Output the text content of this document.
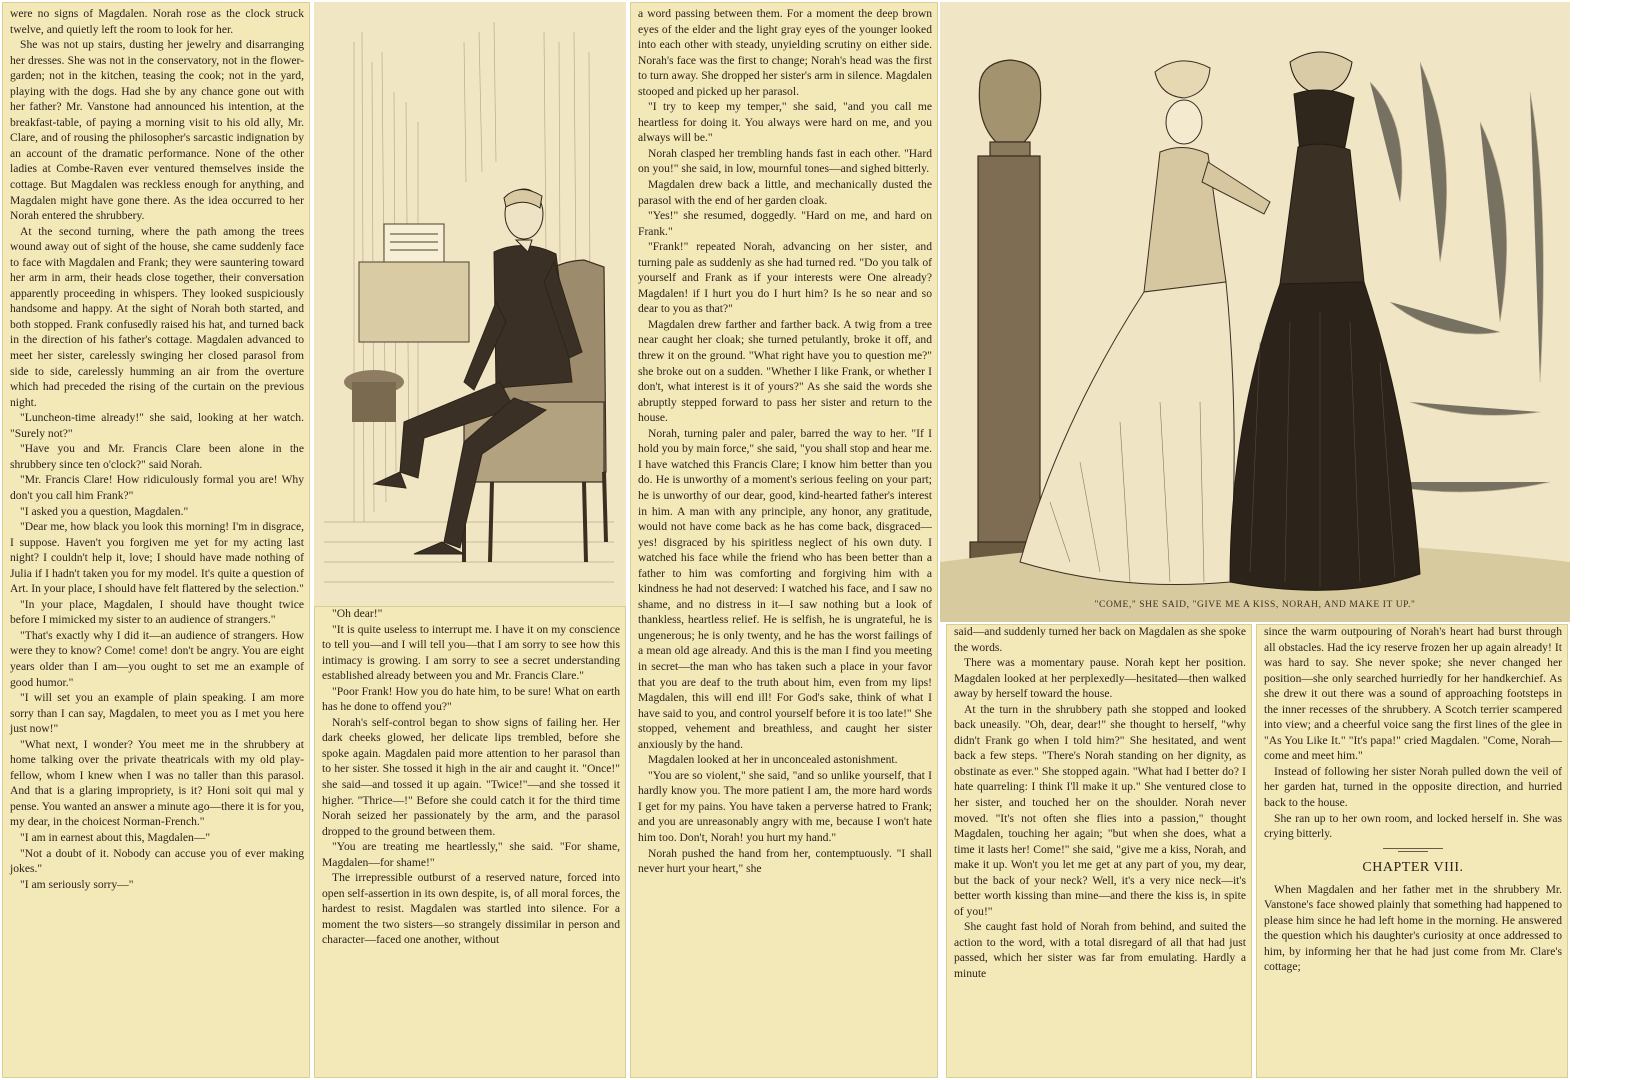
were no signs of Magdalen. Norah rose as the clock struck twelve, and quietly left the room to look for her.

She was not up stairs, dusting her jewelry and disarranging her dresses. She was not in the conservatory, not in the flower-garden; not in the kitchen, teasing the cook; not in the yard, playing with the dogs. Had she by any chance gone out with her father? Mr. Vanstone had announced his intention, at the breakfast-table, of paying a morning visit to his old ally, Mr. Clare, and of rousing the philosopher's sarcastic indignation by an account of the dramatic performance. None of the other ladies at Combe-Raven ever ventured themselves inside the cottage. But Magdalen was reckless enough for anything, and Magdalen might have gone there. As the idea occurred to her Norah entered the shrubbery.

At the second turning, where the path among the trees wound away out of sight of the house, she came suddenly face to face with Magdalen and Frank; they were sauntering toward her arm in arm, their heads close together, their conversation apparently proceeding in whispers. They looked suspiciously handsome and happy. At the sight of Norah both started, and both stopped. Frank confusedly raised his hat, and turned back in the direction of his father's cottage. Magdalen advanced to meet her sister, carelessly swinging her closed parasol from side to side, carelessly humming an air from the overture which had preceded the rising of the curtain on the previous night.

"Luncheon-time already!" she said, looking at her watch. "Surely not?"

"Have you and Mr. Francis Clare been alone in the shrubbery since ten o'clock?" said Norah.

"Mr. Francis Clare! How ridiculously formal you are! Why don't you call him Frank?"

"I asked you a question, Magdalen."

"Dear me, how black you look this morning! I'm in disgrace, I suppose. Haven't you forgiven me yet for my acting last night? I couldn't help it, love; I should have made nothing of Julia if I hadn't taken you for my model. It's quite a question of Art. In your place, I should have felt flattered by the selection."

"In your place, Magdalen, I should have thought twice before I mimicked my sister to an audience of strangers."

"That's exactly why I did it—an audience of strangers. How were they to know? Come! come! don't be angry. You are eight years older than I am—you ought to set me an example of good humor."

"I will set you an example of plain speaking. I am more sorry than I can say, Magdalen, to meet you as I met you here just now!"

"What next, I wonder? You meet me in the shrubbery at home talking over the private theatricals with my old play-fellow, whom I knew when I was no taller than this parasol. And that is a glaring impropriety, is it? Honi soit qui mal y pense. You wanted an answer a minute ago—there it is for you, my dear, in the choicest Norman-French."

"I am in earnest about this, Magdalen—"

"Not a doubt of it. Nobody can accuse you of ever making jokes."

"I am seriously sorry—"

"Oh dear!"

"It is quite useless to interrupt me. I have it on my conscience to tell you—and I will tell you—that I am sorry to see how this intimacy is growing. I am sorry to see a secret understanding established already between you and Mr. Francis Clare."

"Poor Frank! How you do hate him, to be sure! What on earth has he done to offend you?"

Norah's self-control began to show signs of failing her. Her dark cheeks glowed, her delicate lips trembled, before she spoke again. Magdalen paid more attention to her parasol than to her sister. She tossed it high in the air and caught it. "Once!" she said—and tossed it up again. "Twice!"—and she tossed it higher. "Thrice—!" Before she could catch it for the third time Norah seized her passionately by the arm, and the parasol dropped to the ground between them.

"You are treating me heartlessly," she said. "For shame, Magdalen—for shame!"

The irrepressible outburst of a reserved nature, forced into open self-assertion in its own despite, is, of all moral forces, the hardest to resist. Magdalen was startled into silence. For a moment the two sisters—so strangely dissimilar in person and character—faced one another, without

a word passing between them. For a moment the deep brown eyes of the elder and the light gray eyes of the younger looked into each other with steady, unyielding scrutiny on either side. Norah's face was the first to change; Norah's head was the first to turn away. She dropped her sister's arm in silence. Magdalen stooped and picked up her parasol.

"I try to keep my temper," she said, "and you call me heartless for doing it. You always were hard on me, and you always will be."

Norah clasped her trembling hands fast in each other. "Hard on you!" she said, in low, mournful tones—and sighed bitterly.

Magdalen drew back a little, and mechanically dusted the parasol with the end of her garden cloak.

"Yes!" she resumed, doggedly. "Hard on me, and hard on Frank."

"Frank!" repeated Norah, advancing on her sister, and turning pale as suddenly as she had turned red. "Do you talk of yourself and Frank as if your interests were One already? Magdalen! if I hurt you do I hurt him? Is he so near and so dear to you as that?"

Magdalen drew farther and farther back. A twig from a tree near caught her cloak; she turned petulantly, broke it off, and threw it on the ground. "What right have you to question me?" she broke out on a sudden. "Whether I like Frank, or whether I don't, what interest is it of yours?" As she said the words she abruptly stepped forward to pass her sister and return to the house.

Norah, turning paler and paler, barred the way to her. "If I hold you by main force," she said, "you shall stop and hear me. I have watched this Francis Clare; I know him better than you do. He is unworthy of a moment's serious feeling on your part; he is unworthy of our dear, good, kind-hearted father's interest in him. A man with any principle, any honor, any gratitude, would not have come back as he has come back, disgraced—yes! disgraced by his spiritless neglect of his own duty. I watched his face while the friend who has been better than a father to him was comforting and forgiving him with a kindness he had not deserved: I watched his face, and I saw no shame, and no distress in it—I saw nothing but a look of thankless, heartless relief. He is selfish, he is ungrateful, he is ungenerous; he is only twenty, and he has the worst failings of a mean old age already. And this is the man I find you meeting in secret—the man who has taken such a place in your favor that you are deaf to the truth about him, even from my lips! Magdalen, this will end ill! For God's sake, think of what I have said to you, and control yourself before it is too late!" She stopped, vehement and breathless, and caught her sister anxiously by the hand.

Magdalen looked at her in unconcealed astonishment.

"You are so violent," she said, "and so unlike yourself, that I hardly know you. The more patient I am, the more hard words I get for my pains. You have taken a perverse hatred to Frank; and you are unreasonably angry with me, because I won't hate him too. Don't, Norah! you hurt my hand."

Norah pushed the hand from her, contemptuously. "I shall never hurt your heart," she

"COME," SHE SAID, "GIVE ME A KISS, NORAH, AND MAKE IT UP."

said—and suddenly turned her back on Magdalen as she spoke the words.

There was a momentary pause. Norah kept her position. Magdalen looked at her perplexedly—hesitated—then walked away by herself toward the house.

At the turn in the shrubbery path she stopped and looked back uneasily. "Oh, dear, dear!" she thought to herself, "why didn't Frank go when I told him?" She hesitated, and went back a few steps. "There's Norah standing on her dignity, as obstinate as ever." She stopped again. "What had I better do? I hate quarreling: I think I'll make it up." She ventured close to her sister, and touched her on the shoulder. Norah never moved. "It's not often she flies into a passion," thought Magdalen, touching her again; "but when she does, what a time it lasts her! Come!" she said, "give me a kiss, Norah, and make it up. Won't you let me get at any part of you, my dear, but the back of your neck? Well, it's a very nice neck—it's better worth kissing than mine—and there the kiss is, in spite of you!"

She caught fast hold of Norah from behind, and suited the action to the word, with a total disregard of all that had just passed, which her sister was far from emulating. Hardly a minute

since the warm outpouring of Norah's heart had burst through all obstacles. Had the icy reserve frozen her up again already! It was hard to say. She never spoke; she never changed her position—she only searched hurriedly for her handkerchief. As she drew it out there was a sound of approaching footsteps in the inner recesses of the shrubbery. A Scotch terrier scampered into view; and a cheerful voice sang the first lines of the glee in "As You Like It." "It's papa!" cried Magdalen. "Come, Norah—come and meet him."

Instead of following her sister Norah pulled down the veil of her garden hat, turned in the opposite direction, and hurried back to the house.

She ran up to her own room, and locked herself in. She was crying bitterly.

CHAPTER VIII.

When Magdalen and her father met in the shrubbery Mr. Vanstone's face showed plainly that something had happened to please him since he had left home in the morning. He answered the question which his daughter's curiosity at once addressed to him, by informing her that he had just come from Mr. Clare's cottage;
